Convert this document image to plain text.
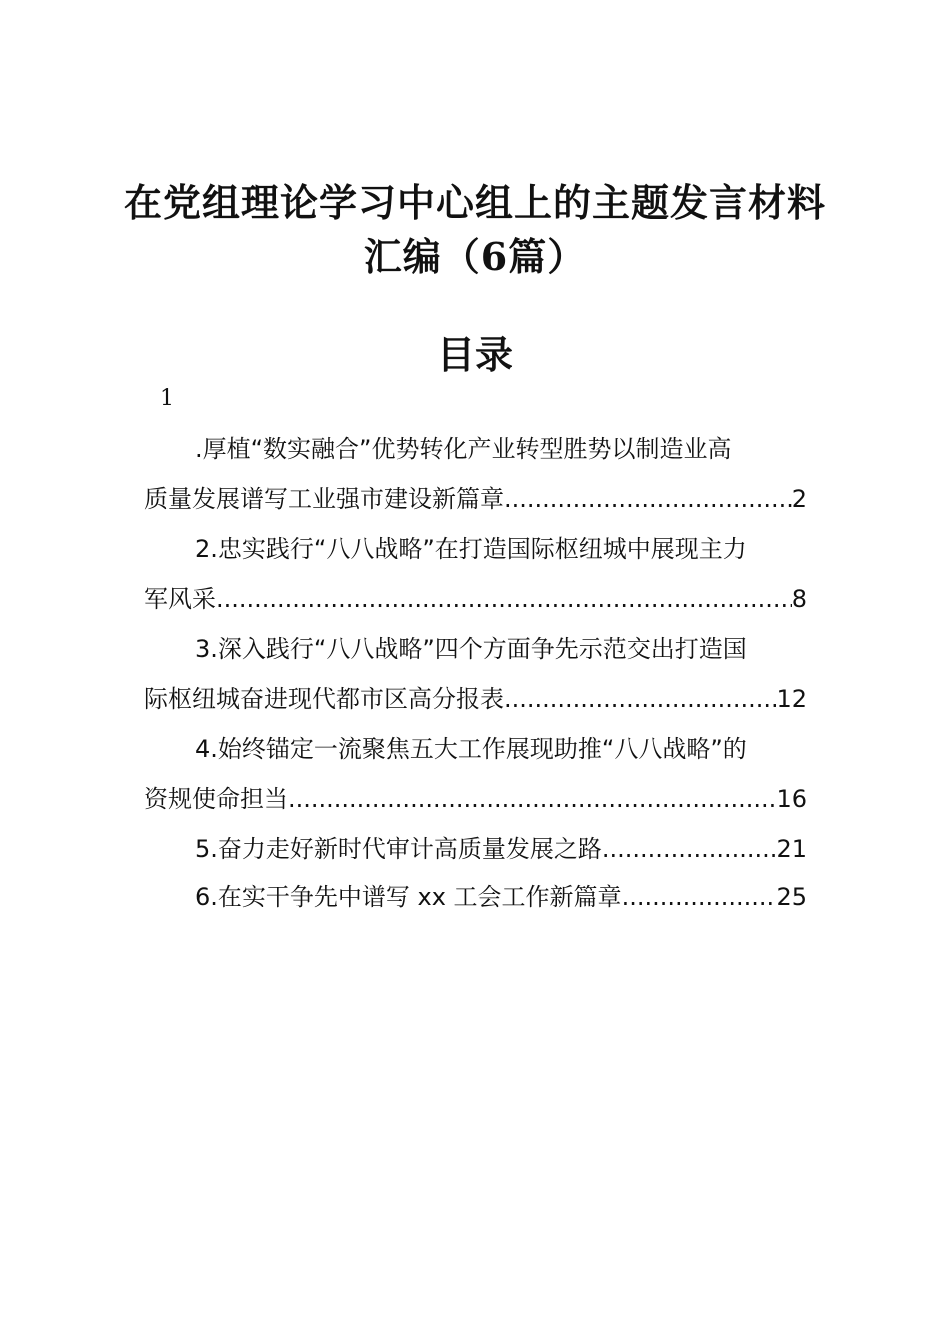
在党组理论学习中心组上的主题发言材料
汇编（6篇）
目录
1
.厚植“数实融合”优势转化产业转型胜势以制造业高
质量发展谱写工业强市建设新篇章 .....	2
2.忠实践行“八八战略”在打造国际枢纽城中展现主力
军风采 .....	8
3.深入践行“八八战略”四个方面争先示范交出打造国
际枢纽城奋进现代都市区高分报表 .....	12
4.始终锚定一流聚焦五大工作展现助推“八八战略”的
资规使命担当 .....	16
5.奋力走好新时代审计高质量发展之路 .....	21
6.在实干争先中谱写 xx 工会工作新篇章 .....	25
